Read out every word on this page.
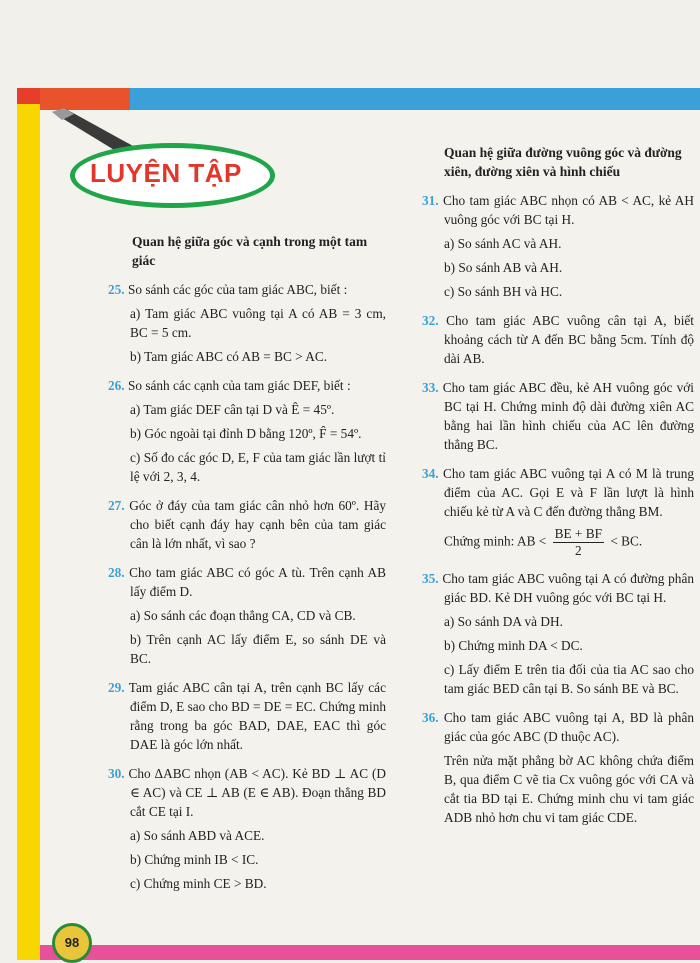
LUYỆN TẬP
Quan hệ giữa góc và cạnh trong một tam giác

25. So sánh các góc của tam giác ABC, biết :

a) Tam giác ABC vuông tại A có AB = 3 cm, BC = 5 cm.

b) Tam giác ABC có AB = BC > AC.

26. So sánh các cạnh của tam giác DEF, biết :

a) Tam giác DEF cân tại D và Ê = 45º.

b) Góc ngoài tại đỉnh D bằng 120º, F̂ = 54º.

c) Số đo các góc D, E, F của tam giác lần lượt tỉ lệ với 2, 3, 4.

27. Góc ở đáy của tam giác cân nhỏ hơn 60º. Hãy cho biết cạnh đáy hay cạnh bên của tam giác cân là lớn nhất, vì sao ?

28. Cho tam giác ABC có góc A tù. Trên cạnh AB lấy điểm D.

a) So sánh các đoạn thẳng CA, CD và CB.

b) Trên cạnh AC lấy điểm E, so sánh DE và BC.

29. Tam giác ABC cân tại A, trên cạnh BC lấy các điểm D, E sao cho BD = DE = EC. Chứng minh rằng trong ba góc BAD, DAE, EAC thì góc DAE là góc lớn nhất.

30. Cho ΔABC nhọn (AB < AC). Kẻ BD ⊥ AC (D ∈ AC) và CE ⊥ AB (E ∈ AB). Đoạn thẳng BD cắt CE tại I.

a) So sánh ABD và ACE.

b) Chứng minh IB < IC.

c) Chứng minh CE > BD.

Quan hệ giữa đường vuông góc và đường xiên, đường xiên và hình chiếu

31. Cho tam giác ABC nhọn có AB < AC, kẻ AH vuông góc với BC tại H.

a) So sánh AC và AH.

b) So sánh AB và AH.

c) So sánh BH và HC.

32. Cho tam giác ABC vuông cân tại A, biết khoảng cách từ A đến BC bằng 5cm. Tính độ dài AB.

33. Cho tam giác ABC đều, kẻ AH vuông góc với BC tại H. Chứng minh độ dài đường xiên AC bằng hai lần hình chiếu của AC lên đường thẳng BC.

34. Cho tam giác ABC vuông tại A có M là trung điểm của AC. Gọi E và F lần lượt là hình chiếu kẻ từ A và C đến đường thẳng BM.

Chứng minh: AB < $\frac{BE + BF}{2}$ < BC.

35. Cho tam giác ABC vuông tại A có đường phân giác BD. Kẻ DH vuông góc với BC tại H.

a) So sánh DA và DH.

b) Chứng minh DA < DC.

c) Lấy điểm E trên tia đối của tia AC sao cho tam giác BED cân tại B. So sánh BE và BC.

36. Cho tam giác ABC vuông tại A, BD là phân giác của góc ABC (D thuộc AC).

Trên nửa mặt phẳng bờ AC không chứa điểm B, qua điểm C vẽ tia Cx vuông góc với CA và cắt tia BD tại E. Chứng minh chu vi tam giác ADB nhỏ hơn chu vi tam giác CDE.

98
